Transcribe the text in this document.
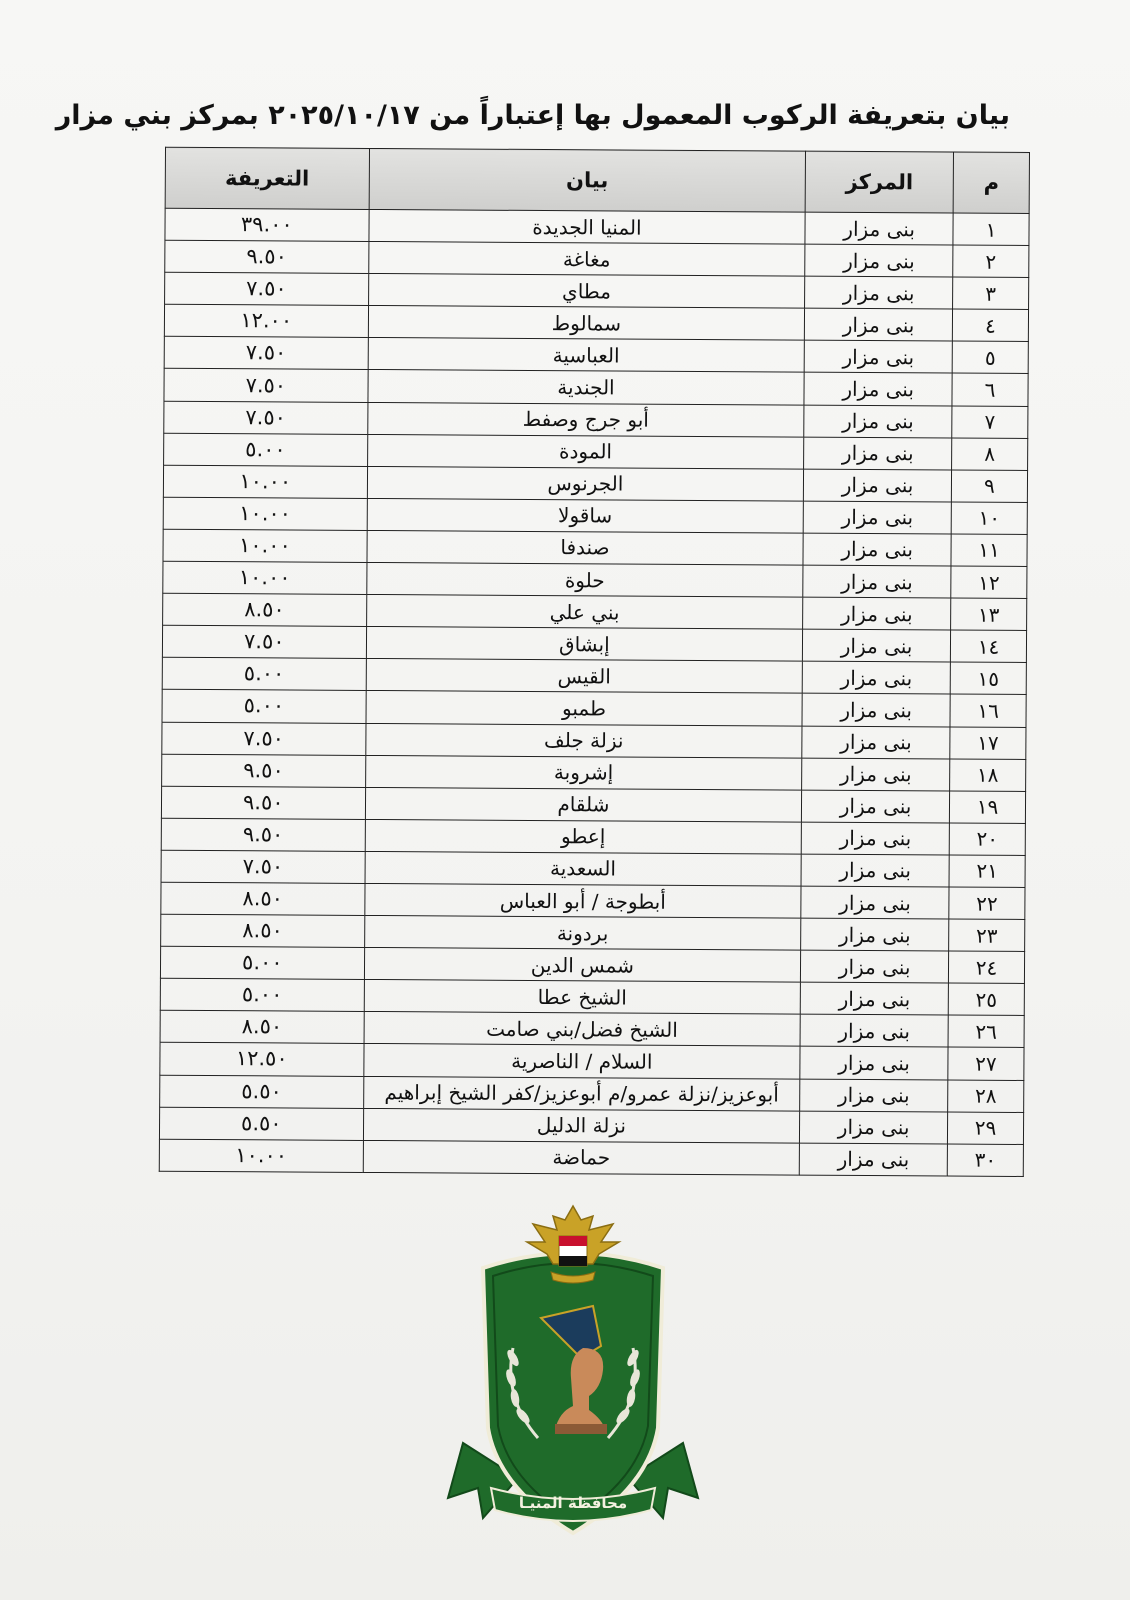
بيان بتعريفة الركوب المعمول بها إعتباراً من ٢٠٢٥/١٠/١٧ بمركز بني مزار
م	المركز	بيان	التعريفة
١	بنى مزار	المنيا الجديدة	٣٩.٠٠
٢	بنى مزار	مغاغة	٩.٥٠
٣	بنى مزار	مطاي	٧.٥٠
٤	بنى مزار	سمالوط	١٢.٠٠
٥	بنى مزار	العباسية	٧.٥٠
٦	بنى مزار	الجندية	٧.٥٠
٧	بنى مزار	أبو جرج وصفط	٧.٥٠
٨	بنى مزار	المودة	٥.٠٠
٩	بنى مزار	الجرنوس	١٠.٠٠
١٠	بنى مزار	ساقولا	١٠.٠٠
١١	بنى مزار	صندفا	١٠.٠٠
١٢	بنى مزار	حلوة	١٠.٠٠
١٣	بنى مزار	بني علي	٨.٥٠
١٤	بنى مزار	إبشاق	٧.٥٠
١٥	بنى مزار	القيس	٥.٠٠
١٦	بنى مزار	طمبو	٥.٠٠
١٧	بنى مزار	نزلة جلف	٧.٥٠
١٨	بنى مزار	إشروبة	٩.٥٠
١٩	بنى مزار	شلقام	٩.٥٠
٢٠	بنى مزار	إعطو	٩.٥٠
٢١	بنى مزار	السعدية	٧.٥٠
٢٢	بنى مزار	أبطوجة / أبو العباس	٨.٥٠
٢٣	بنى مزار	بردونة	٨.٥٠
٢٤	بنى مزار	شمس الدين	٥.٠٠
٢٥	بنى مزار	الشيخ عطا	٥.٠٠
٢٦	بنى مزار	الشيخ فضل/بني صامت	٨.٥٠
٢٧	بنى مزار	السلام / الناصرية	١٢.٥٠
٢٨	بنى مزار	أبوعزيز/نزلة عمرو/م أبوعزيز/كفر الشيخ إبراهيم	٥.٥٠
٢٩	بنى مزار	نزلة الدليل	٥.٥٠
٣٠	بنى مزار	حماضة	١٠.٠٠
محافظة المنيـا
